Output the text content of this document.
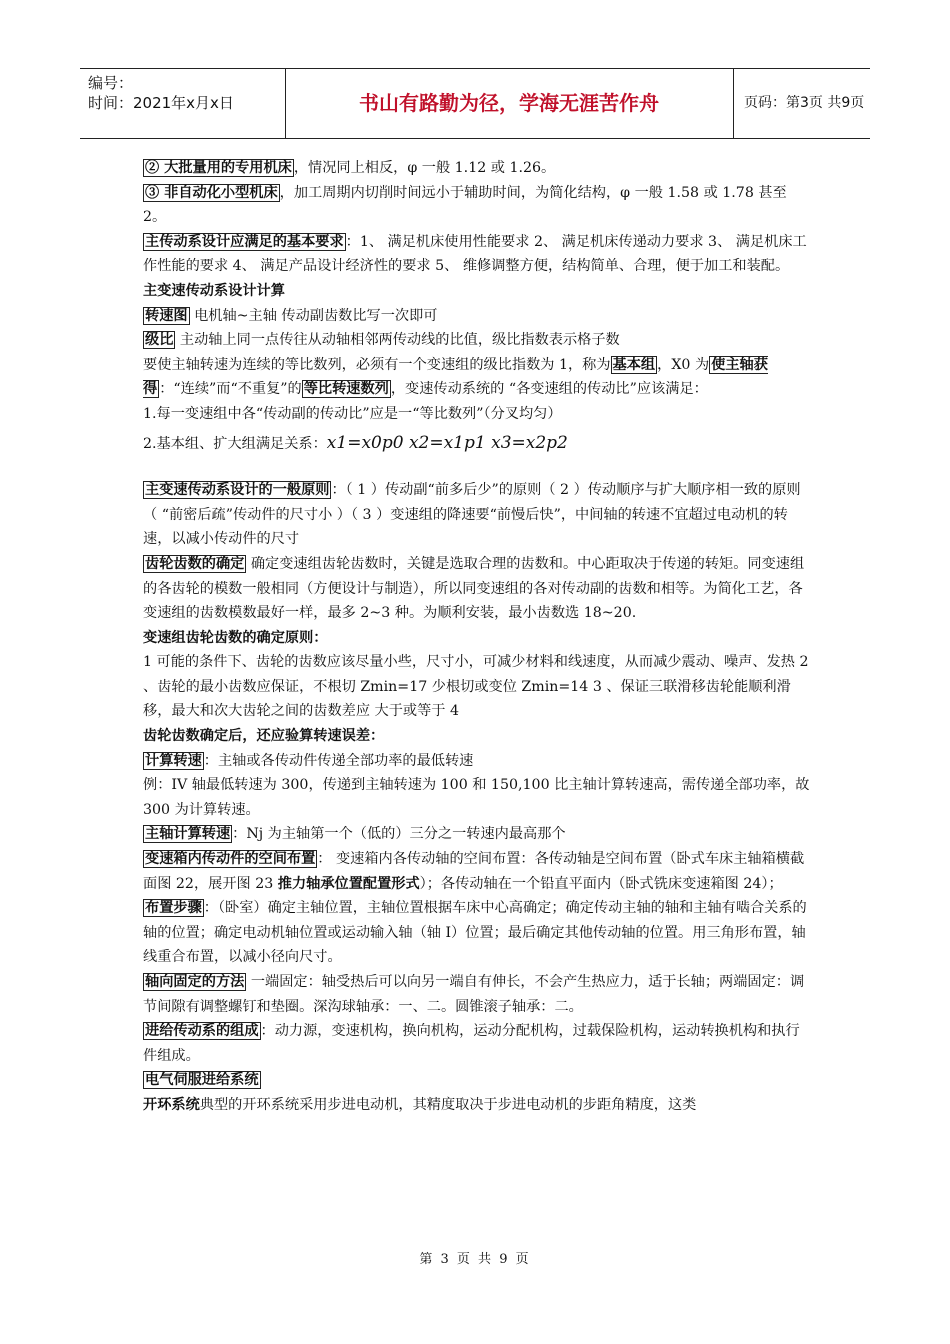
编号：
时间：2021年x月x日	书山有路勤为径，学海无涯苦作舟	页码：第3页 共9页

② 大批量用的专用机床 ，情况同上相反，φ 一般 1.12 或 1.26。

③ 非自动化小型机床 ，加工周期内切削时间远小于辅助时间，为简化结构，φ 一般 1.58 或 1.78 甚至 2。

主传动系设计应满足的基本要求 ：1、 满足机床使用性能要求 2、 满足机床传递动力要求 3、 满足机床工作性能的要求 4、 满足产品设计经济性的要求 5、 维修调整方便，结构简单、合理，便于加工和装配。

主变速传动系设计计算

转速图 电机轴~主轴 传动副齿数比写一次即可

级比 主动轴上同一点传往从动轴相邻两传动线的比值，级比指数表示格子数

要使主轴转速为连续的等比数列，必须有一个变速组的级比指数为 1，称为 基本组 ，X0 为 使主轴获得 ：“连续”而“不重复”的 等比转速数列 ，变速传动系统的 “各变速组的传动比”应该满足：

1.每一变速组中各“传动副的传动比”应是一“等比数列”（分叉均匀）

2.基本组、扩大组满足关系：x1=x0p0 x2=x1p1 x3=x2p2

主变速传动系设计的一般原则 ：（ 1 ）传动副“前多后少”的原则（ 2 ）传动顺序与扩大顺序相一致的原则（ “前密后疏”传动件的尺寸小 ）（ 3 ）变速组的降速要“前慢后快”，中间轴的转速不宜超过电动机的转速，以减小传动件的尺寸

齿轮齿数的确定 确定变速组齿轮齿数时，关键是选取合理的齿数和。中心距取决于传递的转矩。同变速组的各齿轮的模数一般相同（方便设计与制造），所以同变速组的各对传动副的齿数和相等。为简化工艺，各变速组的齿数模数最好一样，最多 2~3 种。为顺利安装，最小齿数选 18~20.

变速组齿轮齿数的确定原则：

1 可能的条件下、齿轮的齿数应该尽量小些，尺寸小，可减少材料和线速度，从而减少震动、噪声、发热 2 、齿轮的最小齿数应保证，不根切 Zmin=17 少根切或变位 Zmin=14 3 、保证三联滑移齿轮能顺利滑移，最大和次大齿轮之间的齿数差应 大于或等于 4

齿轮齿数确定后，还应验算转速误差：

计算转速 ：主轴或各传动件传递全部功率的最低转速

例：IV 轴最低转速为 300，传递到主轴转速为 100 和 150,100 比主轴计算转速高，需传递全部功率，故 300 为计算转速。

主轴计算转速 ：Nj 为主轴第一个（低的）三分之一转速内最高那个

变速箱内传动件的空间布置 ： 变速箱内各传动轴的空间布置：各传动轴是空间布置（卧式车床主轴箱横截面图 22，展开图 23 推力轴承位置配置形式）；各传动轴在一个铅直平面内（卧式铣床变速箱图 24）；

布置步骤 ：（卧室）确定主轴位置，主轴位置根据车床中心高确定；确定传动主轴的轴和主轴有啮合关系的轴的位置；确定电动机轴位置或运动输入轴（轴 I）位置；最后确定其他传动轴的位置。用三角形布置，轴线重合布置，以减小径向尺寸。

轴向固定的方法 一端固定：轴受热后可以向另一端自有伸长，不会产生热应力，适于长轴；两端固定：调节间隙有调整螺钉和垫圈。深沟球轴承：一、二。圆锥滚子轴承：二。

进给传动系的组成 ：动力源，变速机构，换向机构，运动分配机构，过载保险机构，运动转换机构和执行件组成。

电气伺服进给系统

开环系统典型的开环系统采用步进电动机，其精度取决于步进电动机的步距角精度，这类

第 3 页 共 9 页
